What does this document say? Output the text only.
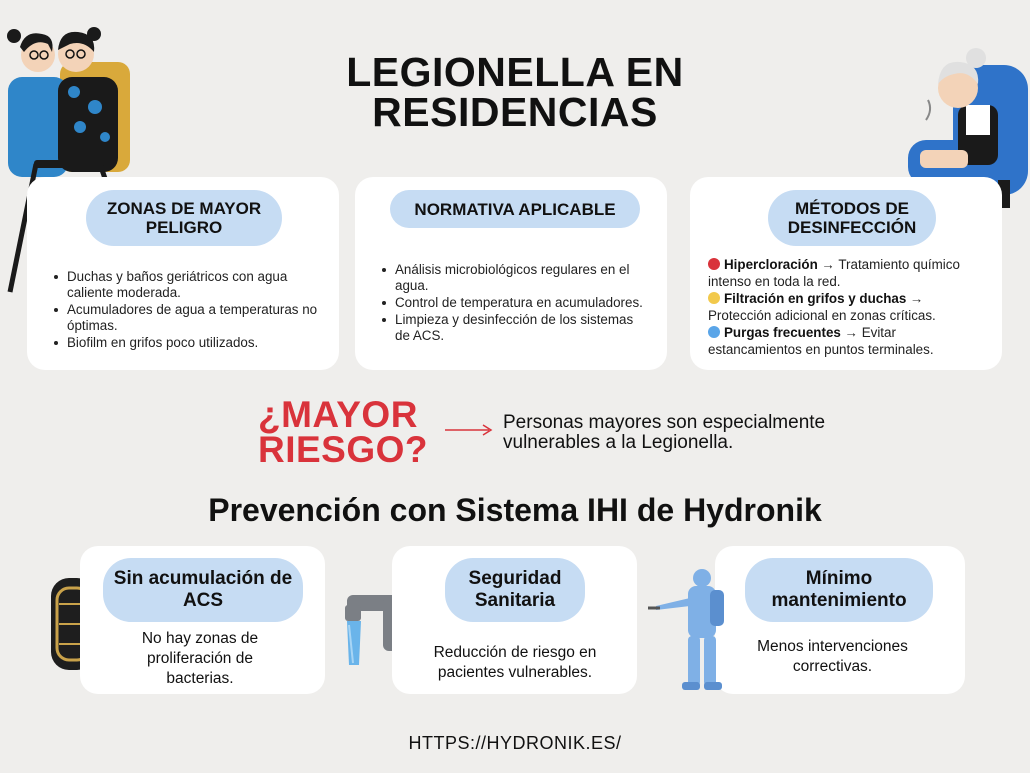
LEGIONELLA EN RESIDENCIAS
ZONAS DE MAYOR PELIGRO
Duchas y baños geriátricos con agua caliente moderada.
Acumuladores de agua a temperaturas no óptimas.
Biofilm en grifos poco utilizados.
NORMATIVA APLICABLE
Análisis microbiológicos regulares en el agua.
Control de temperatura en acumuladores.
Limpieza y desinfección de los sistemas de ACS.
MÉTODOS DE DESINFECCIÓN
Hipercloración → Tratamiento químico intenso en toda la red.
Filtración en grifos y duchas → Protección adicional en zonas críticas.
Purgas frecuentes → Evitar estancamientos en puntos terminales.
¿MAYOR RIESGO?
Personas mayores son especialmente vulnerables a la Legionella.
Prevención con Sistema IHI de Hydronik
Sin acumulación de ACS
No hay zonas de proliferación de bacterias.
Seguridad Sanitaria
Reducción de riesgo en pacientes vulnerables.
Mínimo mantenimiento
Menos intervenciones correctivas.
HTTPS://HYDRONIK.ES/
